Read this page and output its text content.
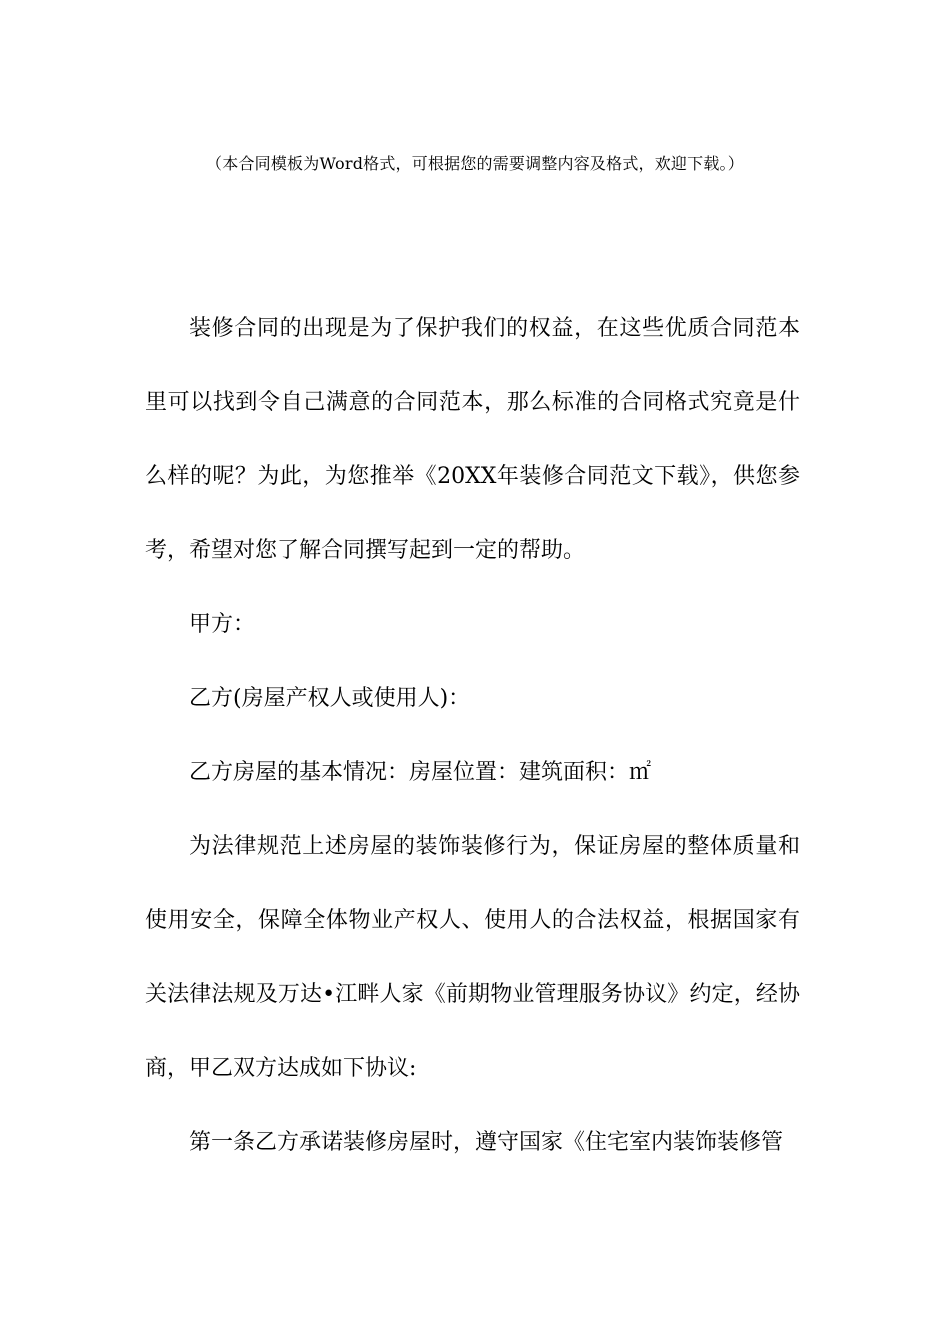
（本合同模板为Word格式，可根据您的需要调整内容及格式，欢迎下载。）

装修合同的出现是为了保护我们的权益，在这些优质合同范本里可以找到令自己满意的合同范本，那么标准的合同格式究竟是什么样的呢？为此，为您推举《20XX年装修合同范文下载》，供您参考，希望对您了解合同撰写起到一定的帮助。

甲方：

乙方(房屋产权人或使用人)：

乙方房屋的基本情况：房屋位置：建筑面积：㎡

为法律规范上述房屋的装饰装修行为，保证房屋的整体质量和使用安全，保障全体物业产权人、使用人的合法权益，根据国家有关法律法规及万达•江畔人家《前期物业管理服务协议》约定，经协商，甲乙双方达成如下协议:

第一条乙方承诺装修房屋时，遵守国家《住宅室内装饰装修管
